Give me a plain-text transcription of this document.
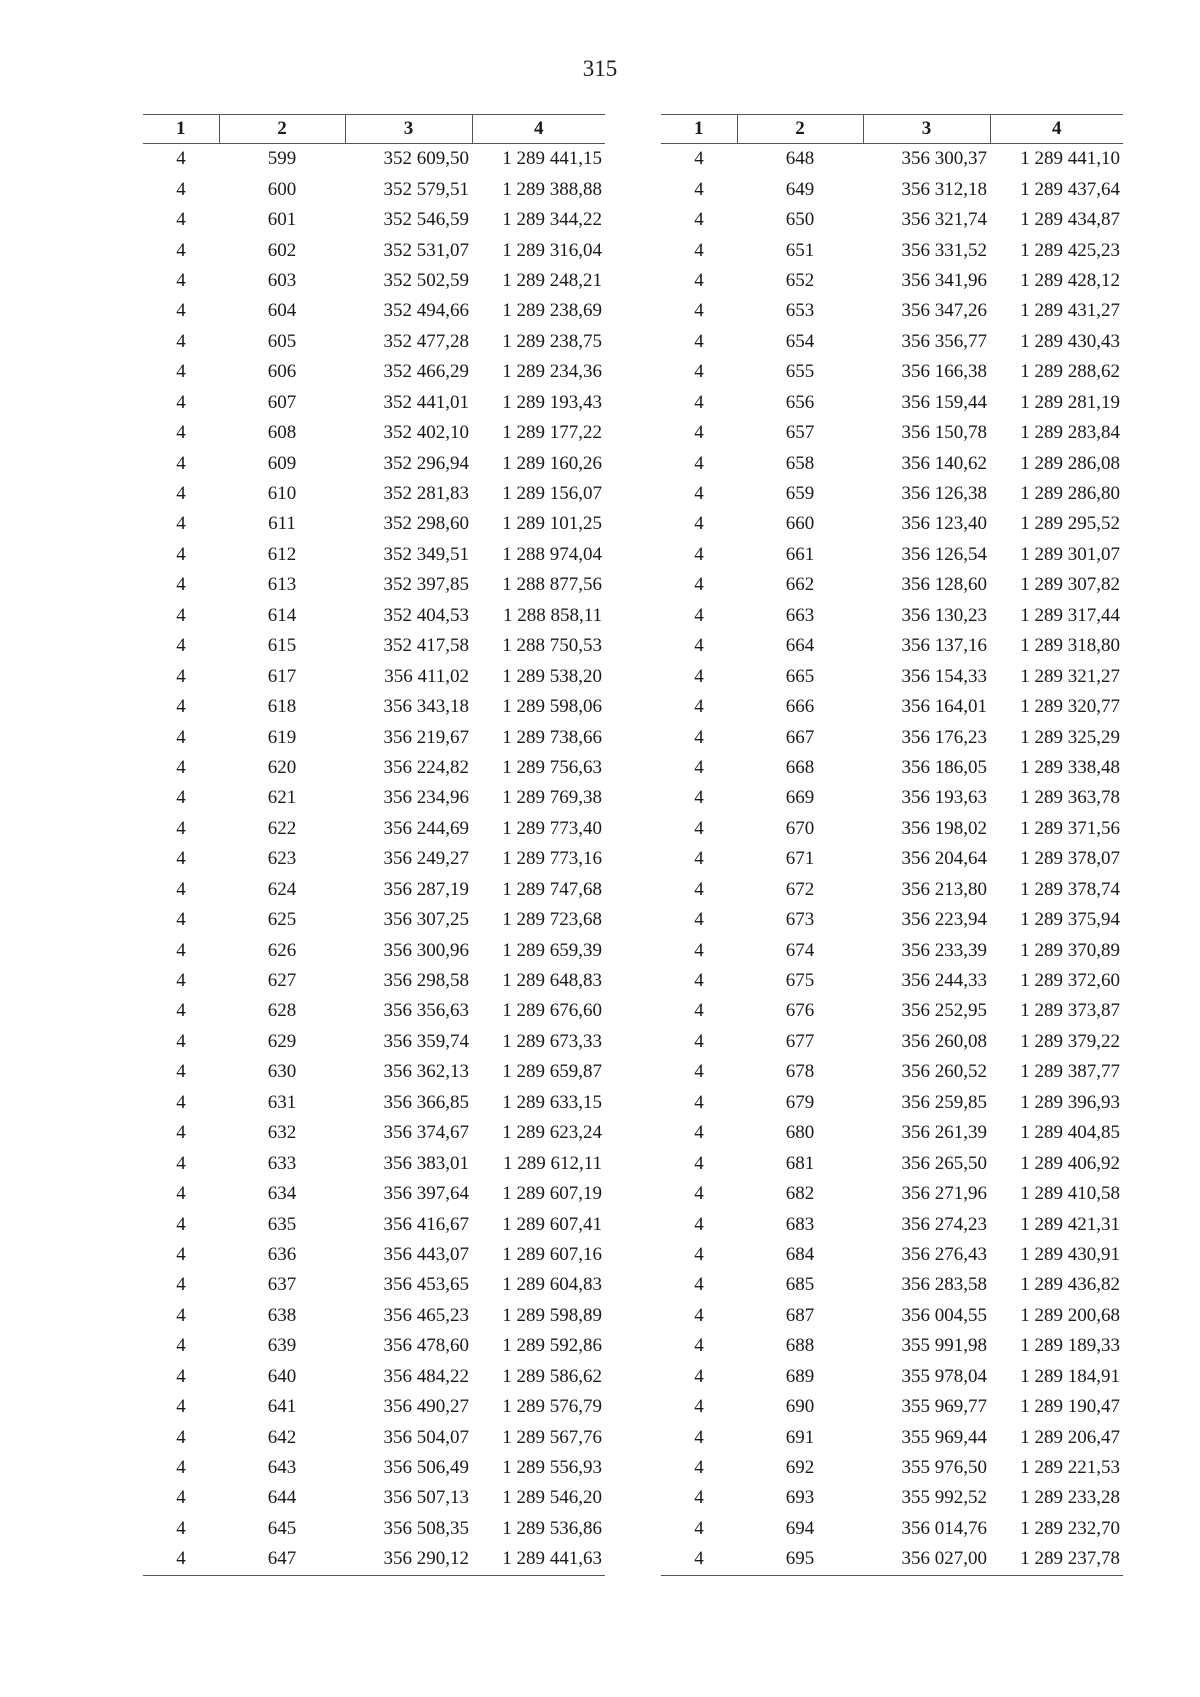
315
1	2	3	4
4	599	352 609,50	1 289 441,15
4	600	352 579,51	1 289 388,88
4	601	352 546,59	1 289 344,22
4	602	352 531,07	1 289 316,04
4	603	352 502,59	1 289 248,21
4	604	352 494,66	1 289 238,69
4	605	352 477,28	1 289 238,75
4	606	352 466,29	1 289 234,36
4	607	352 441,01	1 289 193,43
4	608	352 402,10	1 289 177,22
4	609	352 296,94	1 289 160,26
4	610	352 281,83	1 289 156,07
4	611	352 298,60	1 289 101,25
4	612	352 349,51	1 288 974,04
4	613	352 397,85	1 288 877,56
4	614	352 404,53	1 288 858,11
4	615	352 417,58	1 288 750,53
4	617	356 411,02	1 289 538,20
4	618	356 343,18	1 289 598,06
4	619	356 219,67	1 289 738,66
4	620	356 224,82	1 289 756,63
4	621	356 234,96	1 289 769,38
4	622	356 244,69	1 289 773,40
4	623	356 249,27	1 289 773,16
4	624	356 287,19	1 289 747,68
4	625	356 307,25	1 289 723,68
4	626	356 300,96	1 289 659,39
4	627	356 298,58	1 289 648,83
4	628	356 356,63	1 289 676,60
4	629	356 359,74	1 289 673,33
4	630	356 362,13	1 289 659,87
4	631	356 366,85	1 289 633,15
4	632	356 374,67	1 289 623,24
4	633	356 383,01	1 289 612,11
4	634	356 397,64	1 289 607,19
4	635	356 416,67	1 289 607,41
4	636	356 443,07	1 289 607,16
4	637	356 453,65	1 289 604,83
4	638	356 465,23	1 289 598,89
4	639	356 478,60	1 289 592,86
4	640	356 484,22	1 289 586,62
4	641	356 490,27	1 289 576,79
4	642	356 504,07	1 289 567,76
4	643	356 506,49	1 289 556,93
4	644	356 507,13	1 289 546,20
4	645	356 508,35	1 289 536,86
4	647	356 290,12	1 289 441,63
1	2	3	4
4	648	356 300,37	1 289 441,10
4	649	356 312,18	1 289 437,64
4	650	356 321,74	1 289 434,87
4	651	356 331,52	1 289 425,23
4	652	356 341,96	1 289 428,12
4	653	356 347,26	1 289 431,27
4	654	356 356,77	1 289 430,43
4	655	356 166,38	1 289 288,62
4	656	356 159,44	1 289 281,19
4	657	356 150,78	1 289 283,84
4	658	356 140,62	1 289 286,08
4	659	356 126,38	1 289 286,80
4	660	356 123,40	1 289 295,52
4	661	356 126,54	1 289 301,07
4	662	356 128,60	1 289 307,82
4	663	356 130,23	1 289 317,44
4	664	356 137,16	1 289 318,80
4	665	356 154,33	1 289 321,27
4	666	356 164,01	1 289 320,77
4	667	356 176,23	1 289 325,29
4	668	356 186,05	1 289 338,48
4	669	356 193,63	1 289 363,78
4	670	356 198,02	1 289 371,56
4	671	356 204,64	1 289 378,07
4	672	356 213,80	1 289 378,74
4	673	356 223,94	1 289 375,94
4	674	356 233,39	1 289 370,89
4	675	356 244,33	1 289 372,60
4	676	356 252,95	1 289 373,87
4	677	356 260,08	1 289 379,22
4	678	356 260,52	1 289 387,77
4	679	356 259,85	1 289 396,93
4	680	356 261,39	1 289 404,85
4	681	356 265,50	1 289 406,92
4	682	356 271,96	1 289 410,58
4	683	356 274,23	1 289 421,31
4	684	356 276,43	1 289 430,91
4	685	356 283,58	1 289 436,82
4	687	356 004,55	1 289 200,68
4	688	355 991,98	1 289 189,33
4	689	355 978,04	1 289 184,91
4	690	355 969,77	1 289 190,47
4	691	355 969,44	1 289 206,47
4	692	355 976,50	1 289 221,53
4	693	355 992,52	1 289 233,28
4	694	356 014,76	1 289 232,70
4	695	356 027,00	1 289 237,78
